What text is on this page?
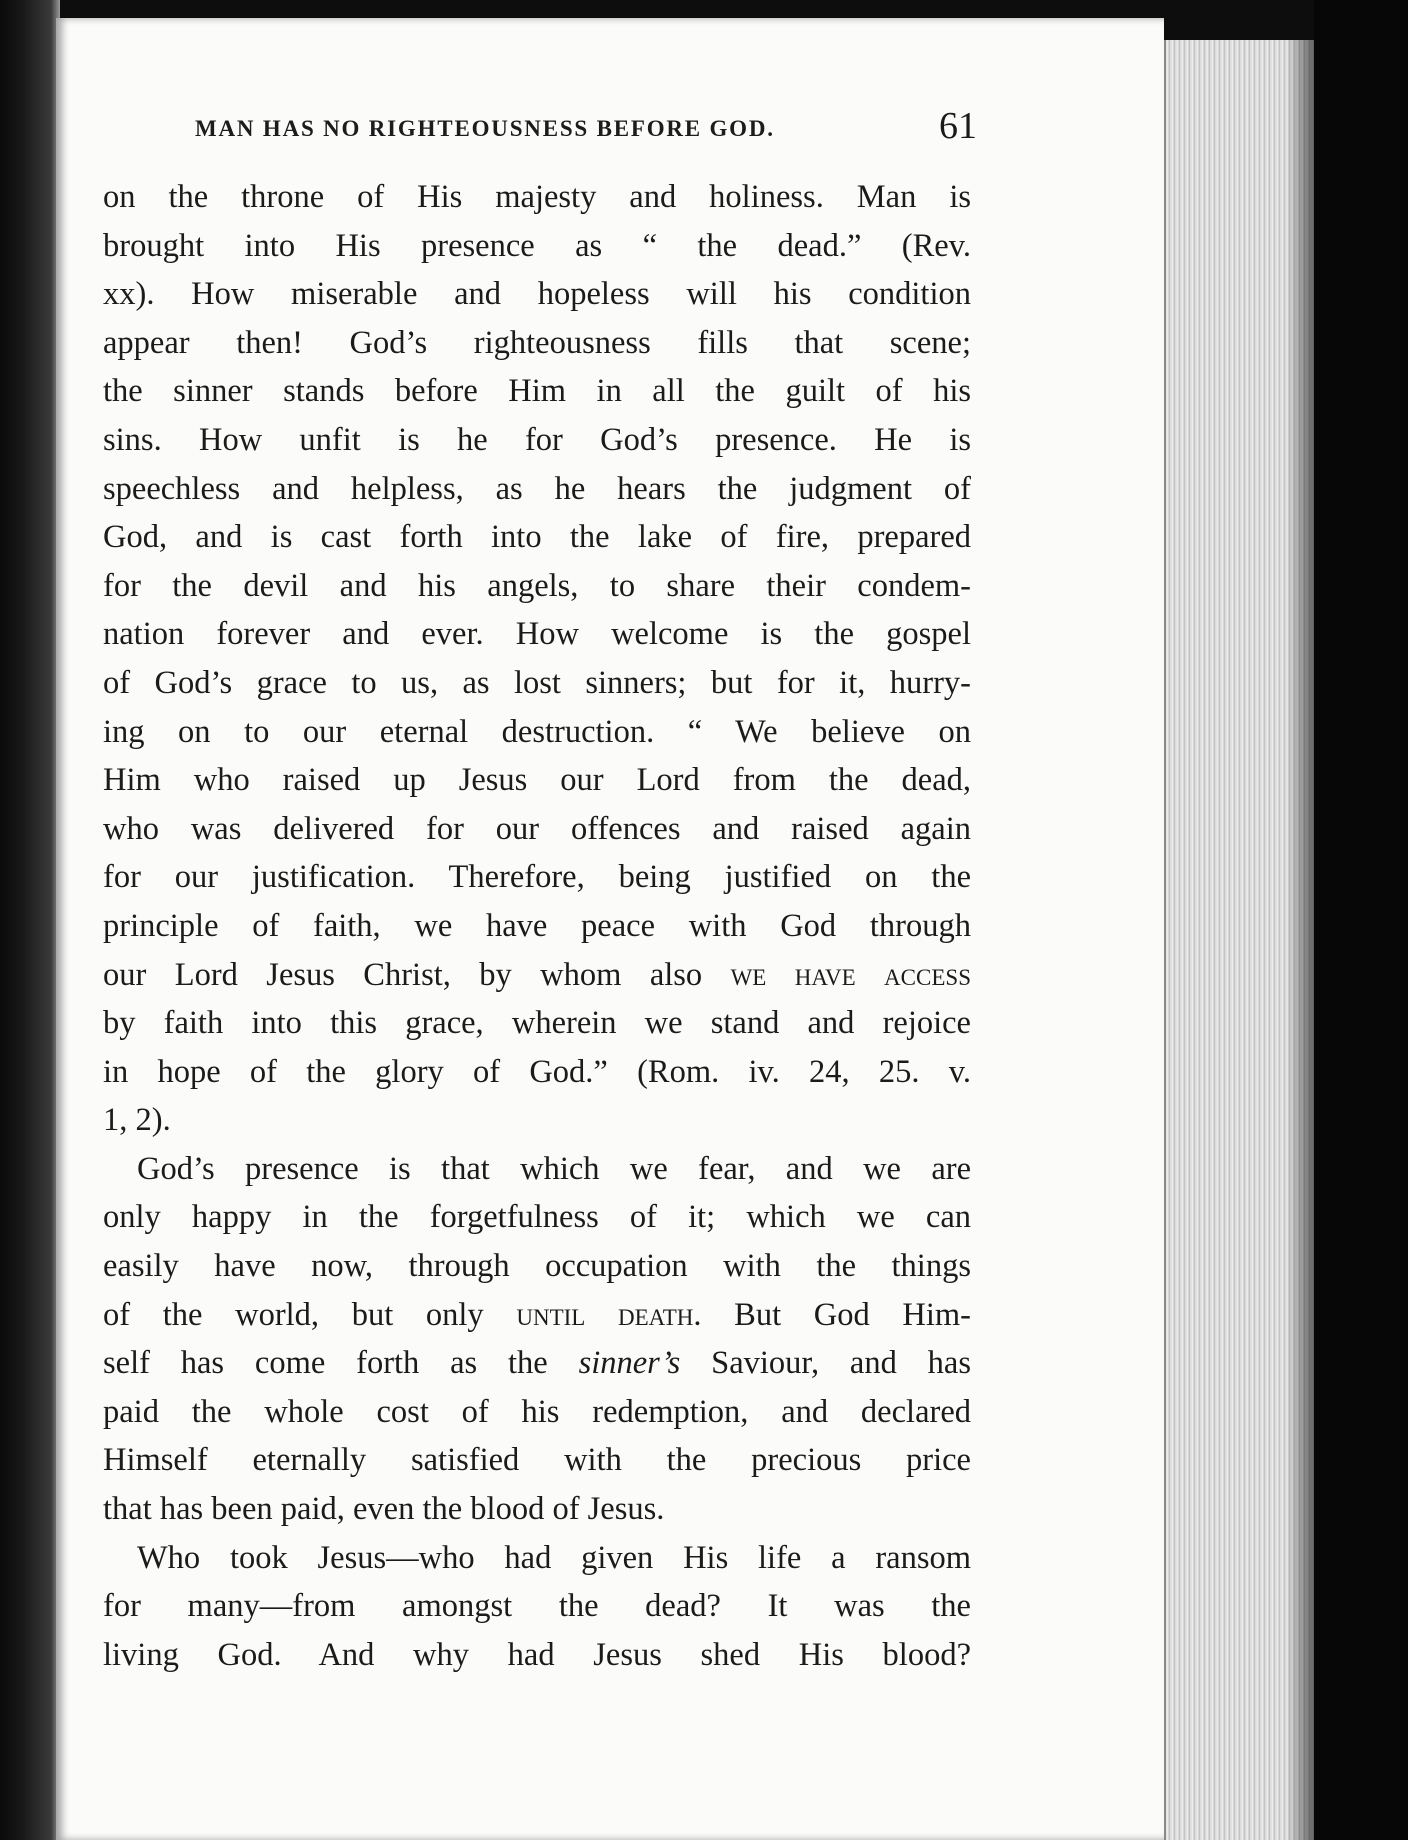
MAN HAS NO RIGHTEOUSNESS BEFORE GOD.	61
on the throne of His majesty and holiness. Man is
brought into His presence as “ the dead.” (Rev.
xx). How miserable and hopeless will his condition
appear then! God’s righteousness fills that scene;
the sinner stands before Him in all the guilt of his
sins. How unfit is he for God’s presence. He is
speechless and helpless, as he hears the judgment of
God, and is cast forth into the lake of fire, prepared
for the devil and his angels, to share their condem-
nation forever and ever. How welcome is the gospel
of God’s grace to us, as lost sinners; but for it, hurry-
ing on to our eternal destruction. “ We believe on
Him who raised up Jesus our Lord from the dead,
who was delivered for our offences and raised again
for our justification. Therefore, being justified on the
principle of faith, we have peace with God through
our Lord Jesus Christ, by whom also we have access
by faith into this grace, wherein we stand and rejoice
in hope of the glory of God.” (Rom. iv. 24, 25. v.
1, 2).
God’s presence is that which we fear, and we are
only happy in the forgetfulness of it; which we can
easily have now, through occupation with the things
of the world, but only until death. But God Him-
self has come forth as the sinner’s Saviour, and has
paid the whole cost of his redemption, and declared
Himself eternally satisfied with the precious price
that has been paid, even the blood of Jesus.
Who took Jesus—who had given His life a ransom
for many—from amongst the dead? It was the
living God. And why had Jesus shed His blood?
